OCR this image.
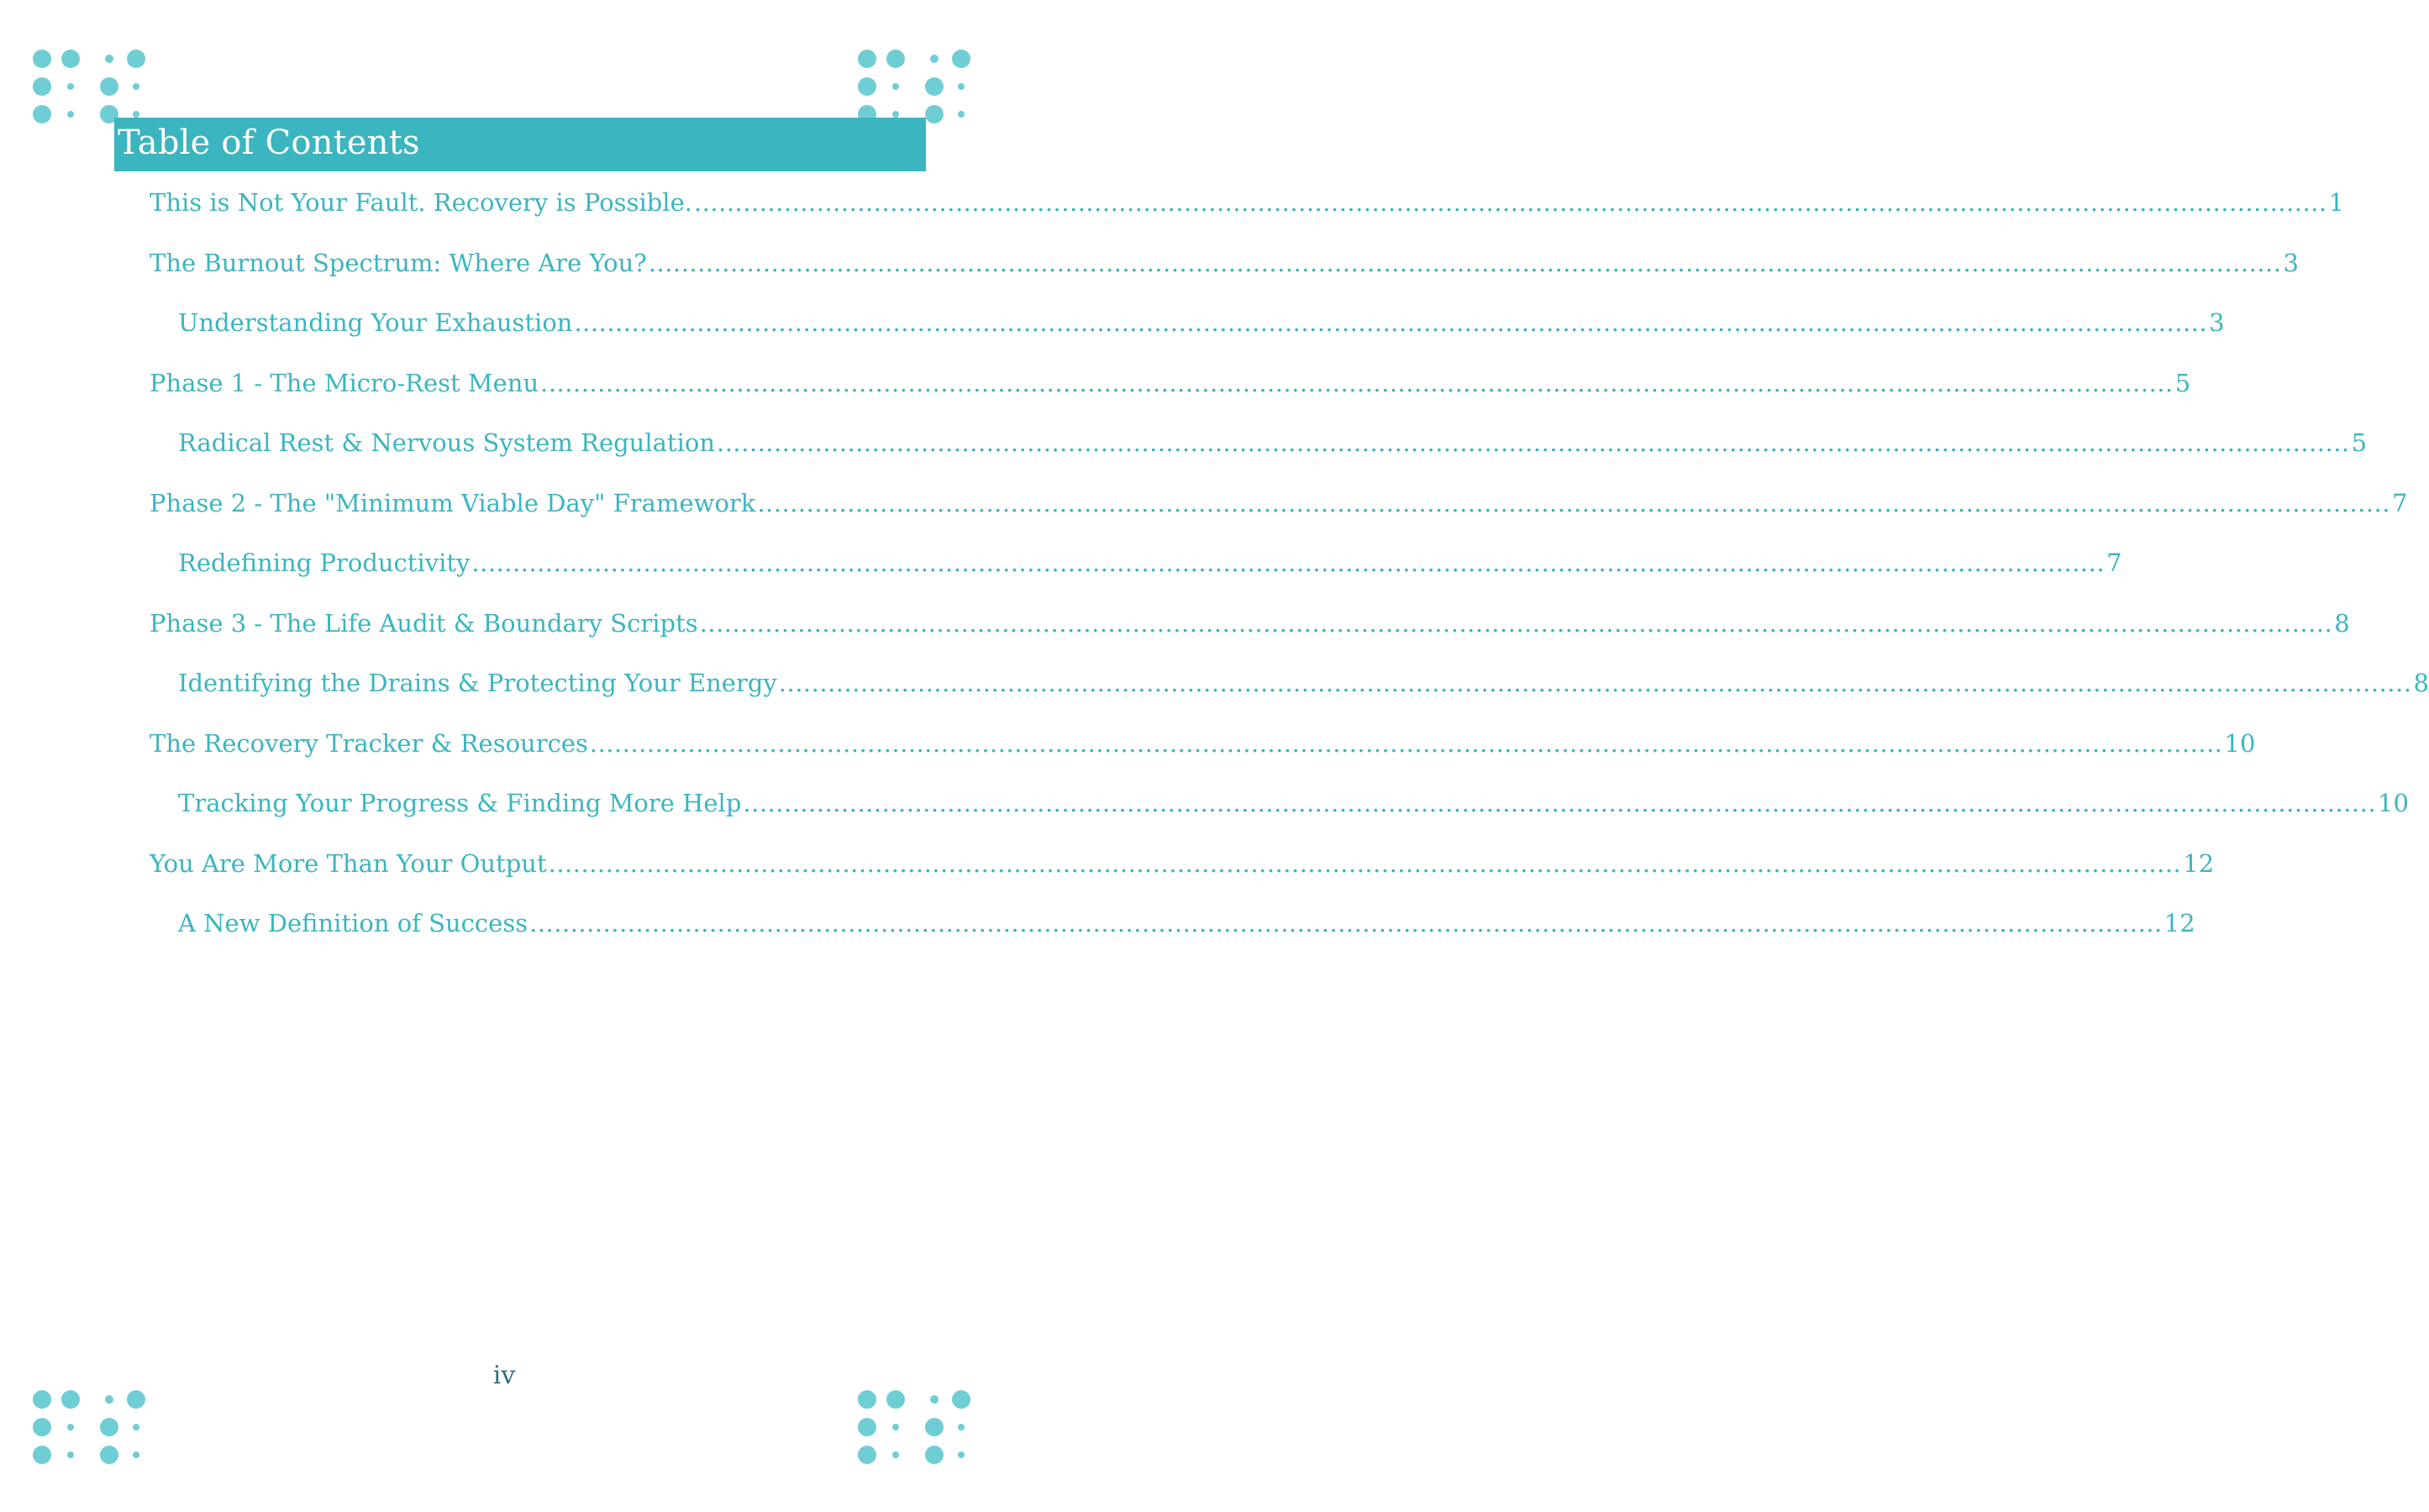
Table of Contents
This is Not Your Fault. Recovery is Possible. ........................................................................................................................................................................................................ 1
The Burnout Spectrum: Where Are You? ........................................................................................................................................................................................................ 3
Understanding Your Exhaustion ........................................................................................................................................................................................................ 3
Phase 1 - The Micro-Rest Menu ........................................................................................................................................................................................................ 5
Radical Rest & Nervous System Regulation ........................................................................................................................................................................................................ 5
Phase 2 - The "Minimum Viable Day" Framework ........................................................................................................................................................................................................ 7
Redefining Productivity ........................................................................................................................................................................................................ 7
Phase 3 - The Life Audit & Boundary Scripts ........................................................................................................................................................................................................ 8
Identifying the Drains & Protecting Your Energy ........................................................................................................................................................................................................ 8
The Recovery Tracker & Resources ........................................................................................................................................................................................................ 10
Tracking Your Progress & Finding More Help ........................................................................................................................................................................................................ 10
You Are More Than Your Output ........................................................................................................................................................................................................ 12
A New Definition of Success ........................................................................................................................................................................................................ 12
iv
